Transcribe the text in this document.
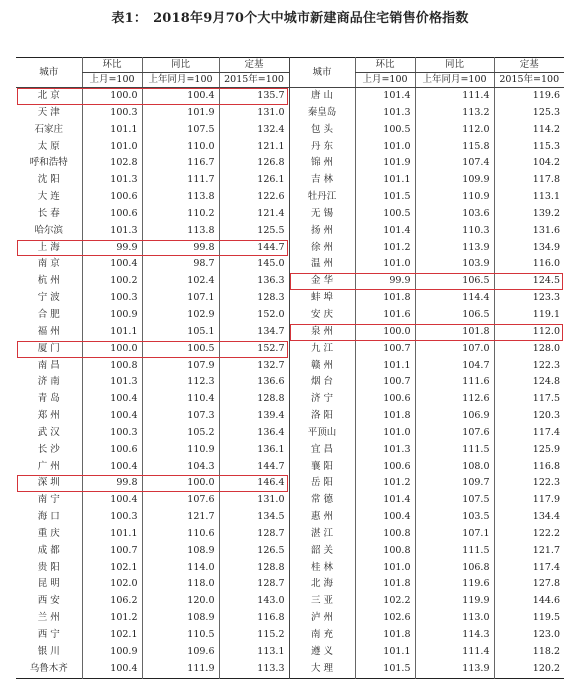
表1： 2018年9月70个大中城市新建商品住宅销售价格指数
城市	环比	同比	定基	城市	环比	同比	定基
	上月=100	上年同月=100	2015年=100		上月=100	上年同月=100	2015年=100
北 京	100.0	100.4	135.7	唐 山	101.4	111.4	119.6
天 津	100.3	101.9	131.0	秦皇岛	101.3	113.2	125.3
石家庄	101.1	107.5	132.4	包 头	100.5	112.0	114.2
太 原	101.0	110.0	121.1	丹 东	101.0	115.8	115.3
呼和浩特	102.8	116.7	126.8	锦 州	101.9	107.4	104.2
沈 阳	101.3	111.7	126.1	吉 林	101.1	109.9	117.8
大 连	100.6	113.8	122.6	牡丹江	101.5	110.9	113.1
长 春	100.6	110.2	121.4	无 锡	100.5	103.6	139.2
哈尔滨	101.3	113.8	125.5	扬 州	101.4	110.3	131.6
上 海	99.9	99.8	144.7	徐 州	101.2	113.9	134.9
南 京	100.4	98.7	145.0	温 州	101.0	103.9	116.0
杭 州	100.2	102.4	136.3	金 华	99.9	106.5	124.5
宁 波	100.3	107.1	128.3	蚌 埠	101.8	114.4	123.3
合 肥	100.9	102.9	152.0	安 庆	101.6	106.5	119.1
福 州	101.1	105.1	134.7	泉 州	100.0	101.8	112.0
厦 门	100.0	100.5	152.7	九 江	100.7	107.0	128.0
南 昌	100.8	107.9	132.7	赣 州	101.1	104.7	122.3
济 南	101.3	112.3	136.6	烟 台	100.7	111.6	124.8
青 岛	100.4	110.4	128.8	济 宁	100.6	112.6	117.5
郑 州	100.4	107.3	139.4	洛 阳	101.8	106.9	120.3
武 汉	100.3	105.2	136.4	平顶山	101.0	107.6	117.4
长 沙	100.6	110.9	136.1	宜 昌	101.3	111.5	125.9
广 州	100.4	104.3	144.7	襄 阳	100.6	108.0	116.8
深 圳	99.8	100.0	146.4	岳 阳	101.2	109.7	122.3
南 宁	100.4	107.6	131.0	常 德	101.4	107.5	117.9
海 口	100.3	121.7	134.5	惠 州	100.4	103.5	134.4
重 庆	101.1	110.6	128.7	湛 江	100.8	107.1	122.2
成 都	100.7	108.9	126.5	韶 关	100.8	111.5	121.7
贵 阳	102.1	114.0	128.8	桂 林	101.0	106.8	117.4
昆 明	102.0	118.0	128.7	北 海	101.8	119.6	127.8
西 安	106.2	120.0	143.0	三 亚	102.2	119.9	144.6
兰 州	101.2	108.9	116.8	泸 州	102.6	113.0	119.5
西 宁	102.1	110.5	115.2	南 充	101.8	114.3	123.0
银 川	100.9	109.6	113.1	遵 义	101.1	111.4	118.2
乌鲁木齐	100.4	111.9	113.3	大 理	101.5	113.9	120.2
